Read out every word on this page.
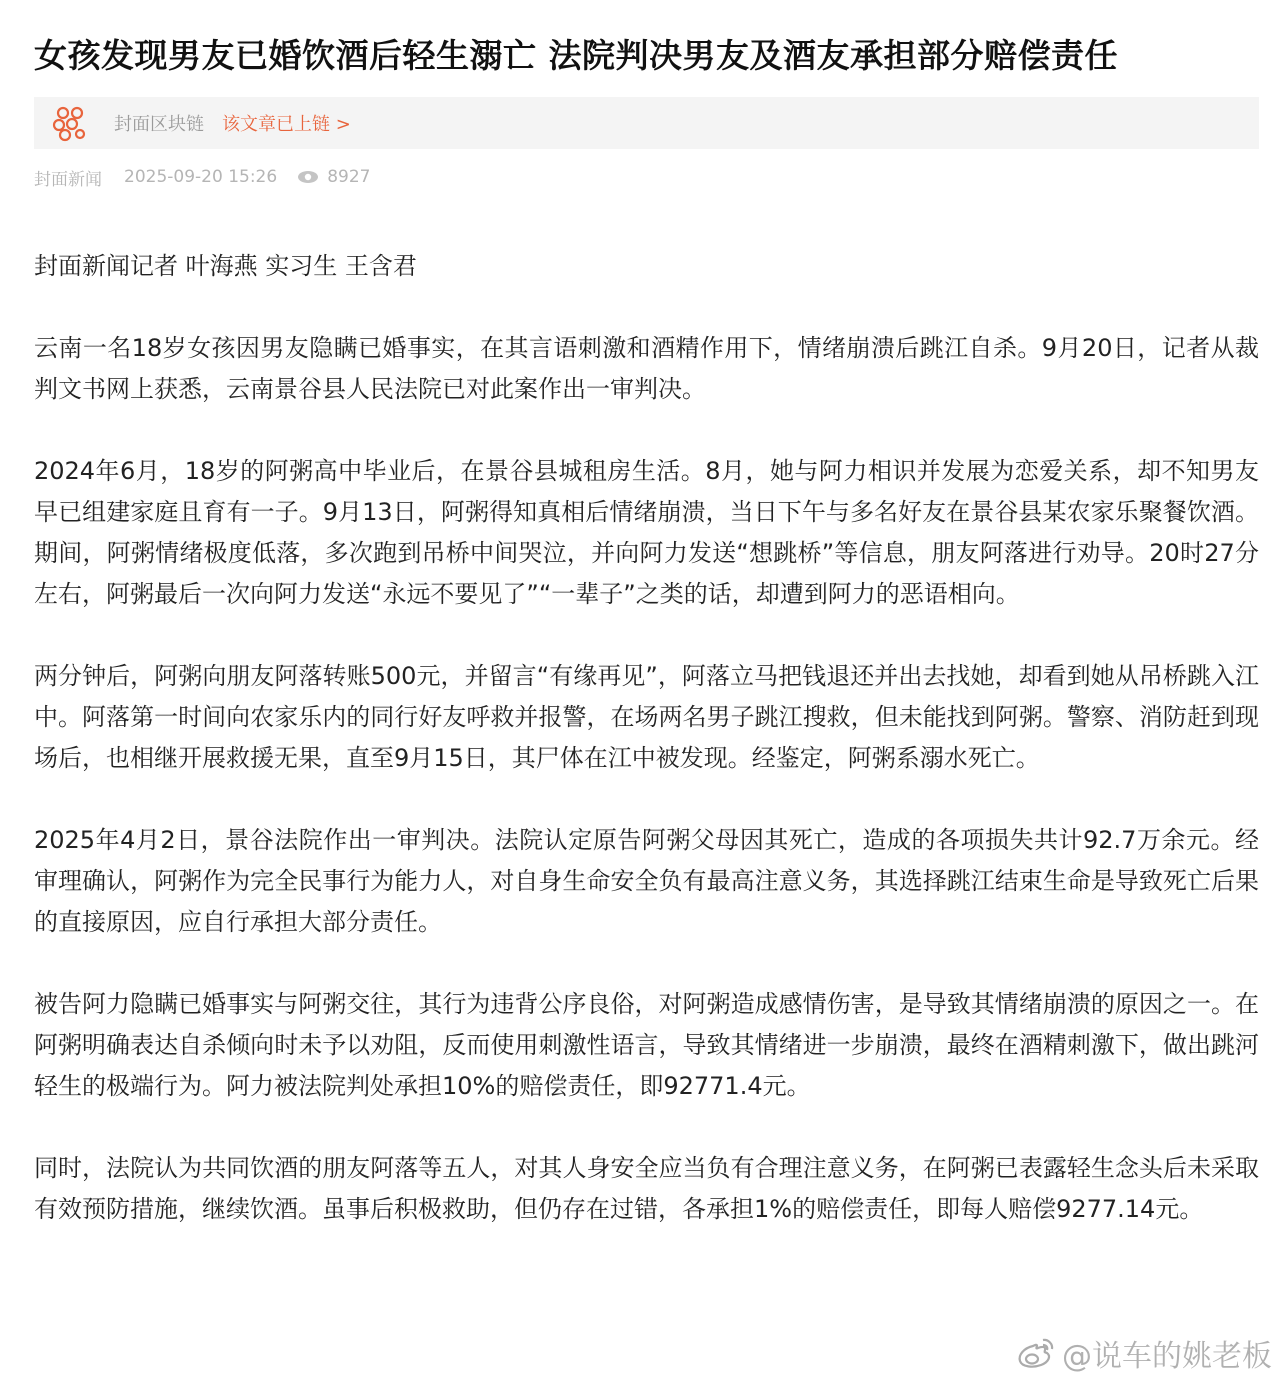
女孩发现男友已婚饮酒后轻生溺亡 法院判决男友及酒友承担部分赔偿责任
封面区块链 该文章已上链 >
封面新闻 2025-09-20 15:26	8927

封面新闻记者 叶海燕 实习生 王含君

云南一名18岁女孩因男友隐瞒已婚事实，在其言语刺激和酒精作用下，情绪崩溃后跳江自杀。9月20日，记者从裁判文书网上获悉，云南景谷县人民法院已对此案作出一审判决。

2024年6月，18岁的阿粥高中毕业后，在景谷县城租房生活。8月，她与阿力相识并发展为恋爱关系，却不知男友早已组建家庭且育有一子。9月13日，阿粥得知真相后情绪崩溃，当日下午与多名好友在景谷县某农家乐聚餐饮酒。期间，阿粥情绪极度低落，多次跑到吊桥中间哭泣，并向阿力发送“想跳桥”等信息，朋友阿落进行劝导。20时27分左右，阿粥最后一次向阿力发送“永远不要见了”“一辈子”之类的话，却遭到阿力的恶语相向。

两分钟后，阿粥向朋友阿落转账500元，并留言“有缘再见”，阿落立马把钱退还并出去找她，却看到她从吊桥跳入江中。阿落第一时间向农家乐内的同行好友呼救并报警，在场两名男子跳江搜救，但未能找到阿粥。警察、消防赶到现场后，也相继开展救援无果，直至9月15日，其尸体在江中被发现。经鉴定，阿粥系溺水死亡。

2025年4月2日，景谷法院作出一审判决。法院认定原告阿粥父母因其死亡，造成的各项损失共计92.7万余元。经审理确认，阿粥作为完全民事行为能力人，对自身生命安全负有最高注意义务，其选择跳江结束生命是导致死亡后果的直接原因，应自行承担大部分责任。

被告阿力隐瞒已婚事实与阿粥交往，其行为违背公序良俗，对阿粥造成感情伤害，是导致其情绪崩溃的原因之一。在阿粥明确表达自杀倾向时未予以劝阻，反而使用刺激性语言，导致其情绪进一步崩溃，最终在酒精刺激下，做出跳河轻生的极端行为。阿力被法院判处承担10%的赔偿责任，即92771.4元。

同时，法院认为共同饮酒的朋友阿落等五人，对其人身安全应当负有合理注意义务，在阿粥已表露轻生念头后未采取有效预防措施，继续饮酒。虽事后积极救助，但仍存在过错，各承担1%的赔偿责任，即每人赔偿9277.14元。

@说车的姚老板
